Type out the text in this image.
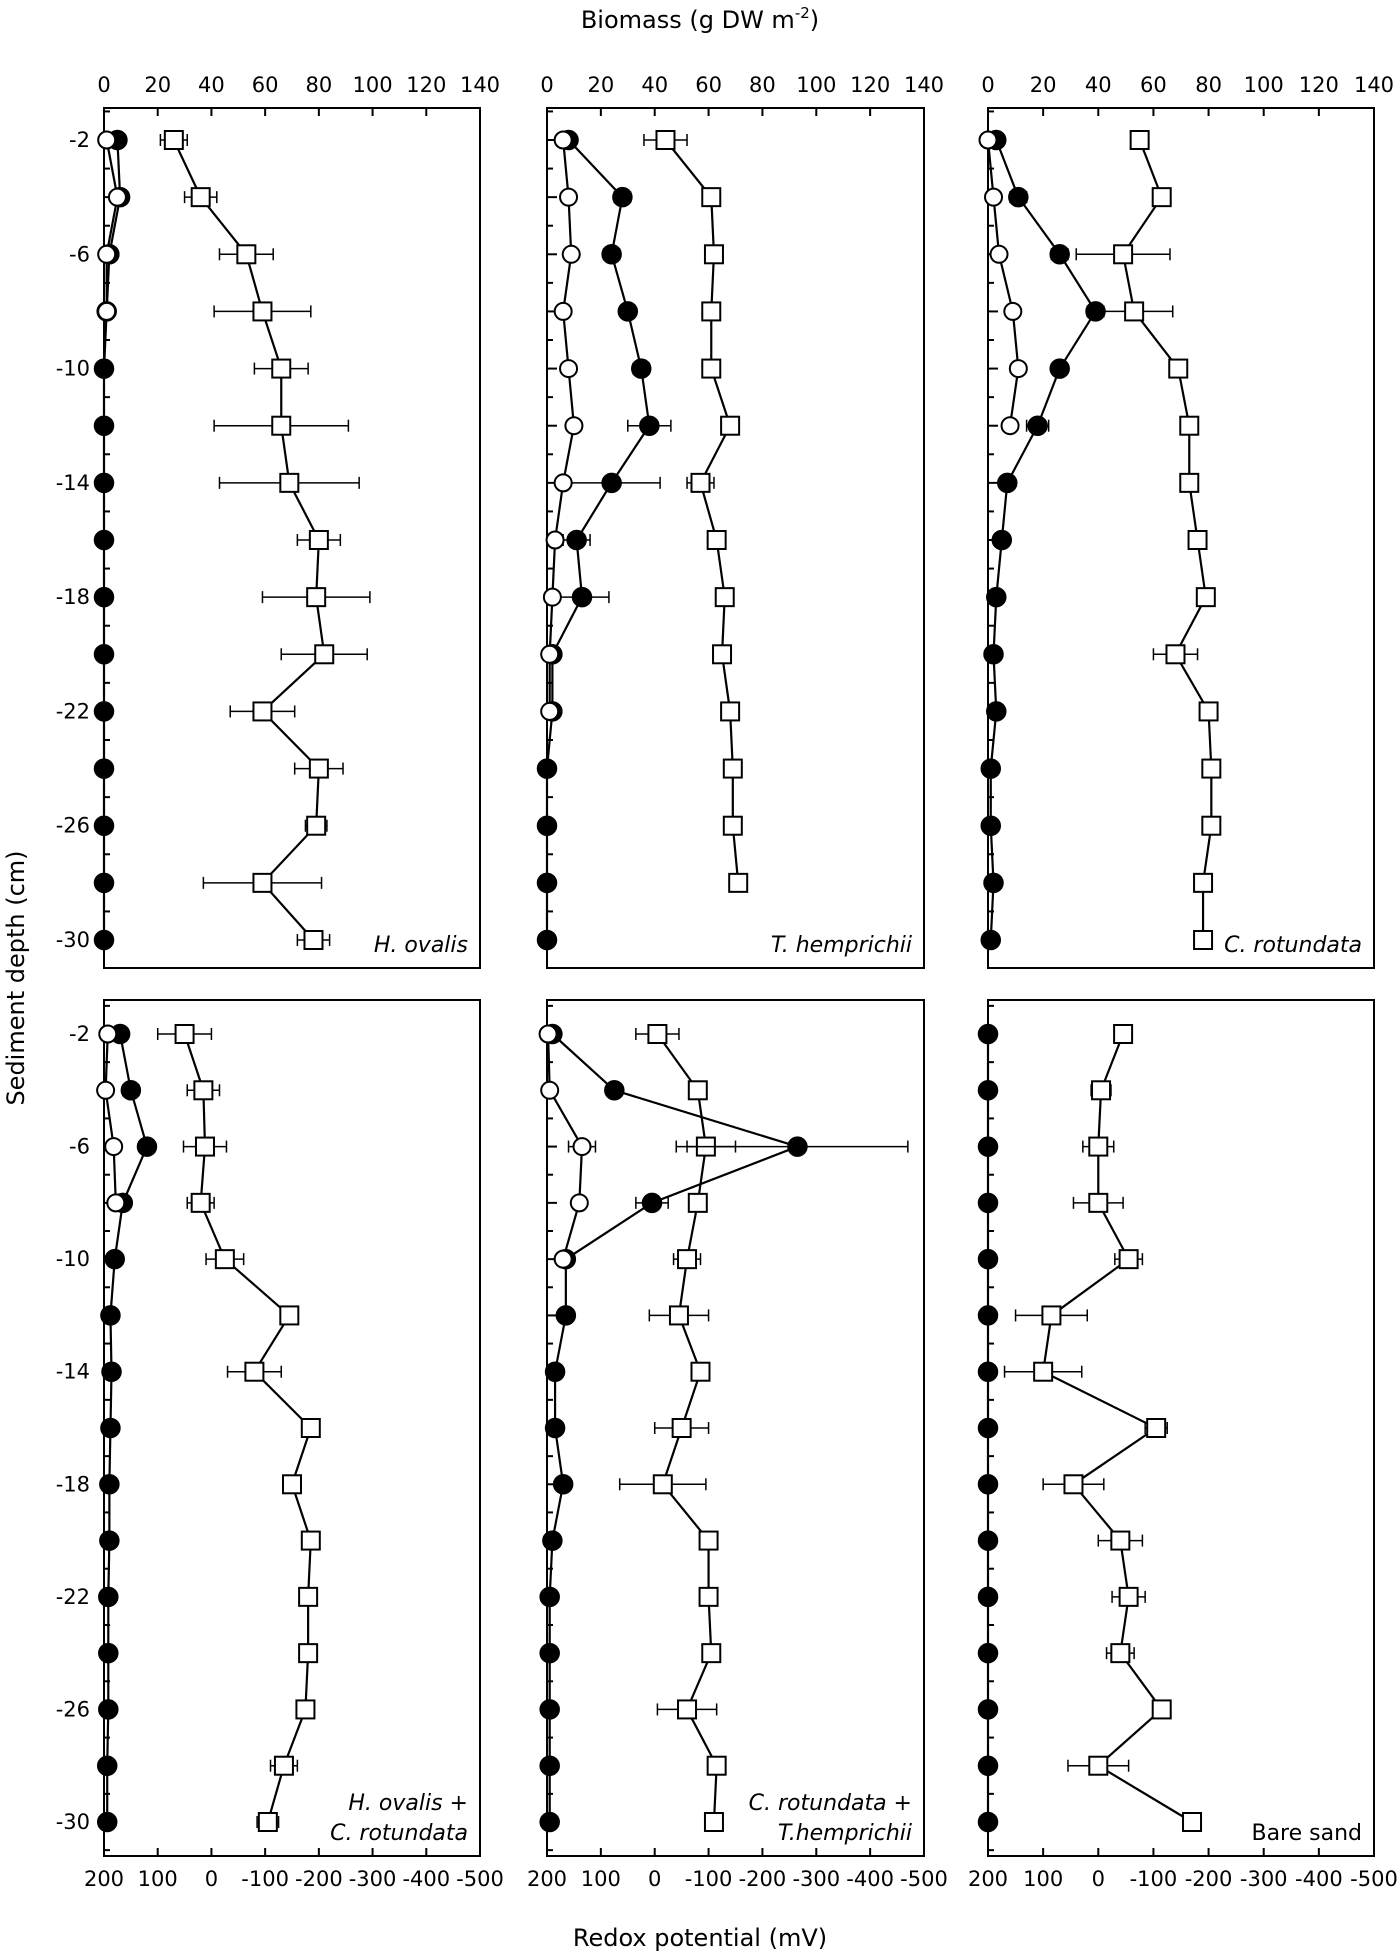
0 20 40 60 80 100 120 140
-2
-6
-10
-14
-18
-22
-26
-30	H. ovalis
0 20 40 60 80 100 120 140
T. hemprichii
0 20 40 60 80 100 120 140
C. rotundata
200 100 0 -100 -200 -300 -400 -500
-2
-6
-10
-14
-18
-22
-26
-30
H. ovalis +
C. rotundata
200 100 0 -100 -200 -300 -400 -500
C. rotundata +
T.hemprichii
200 100 0 -100 -200 -300 -400 -500
Bare sand
Biomass (g DW $m^{-2}$)
Redox potential (mV)
Sediment depth (cm)
